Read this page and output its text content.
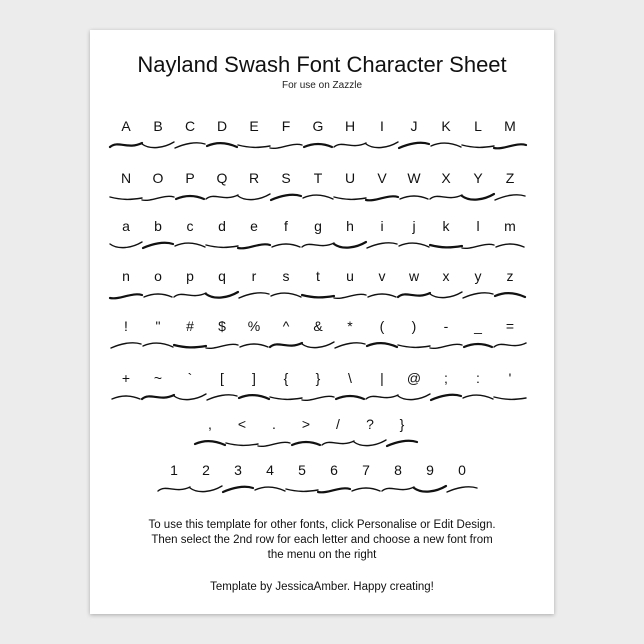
Nayland Swash Font Character Sheet
For use on Zazzle
A	B	C	D	E	F	G	H	I	J	K	L	M
N	O	P	Q	R	S	T	U	V	W	X	Y	Z
a	b	c	d	e	f	g	h	i	j	k	l	m
n	o	p	q	r	s	t	u	v	w	x	y	z
!	"	#	$	%	^	&	*	(	)	-	_	=
+	~	`	[	]	{	}	\	|	@	;	:	'
,	<	.	>	/	?	}
1	2	3	4	5	6	7	8	9	0
To use this template for other fonts, click Personalise or Edit Design.
Then select the 2nd row for each letter and choose a new font from
the menu on the right
Template by JessicaAmber. Happy creating!
